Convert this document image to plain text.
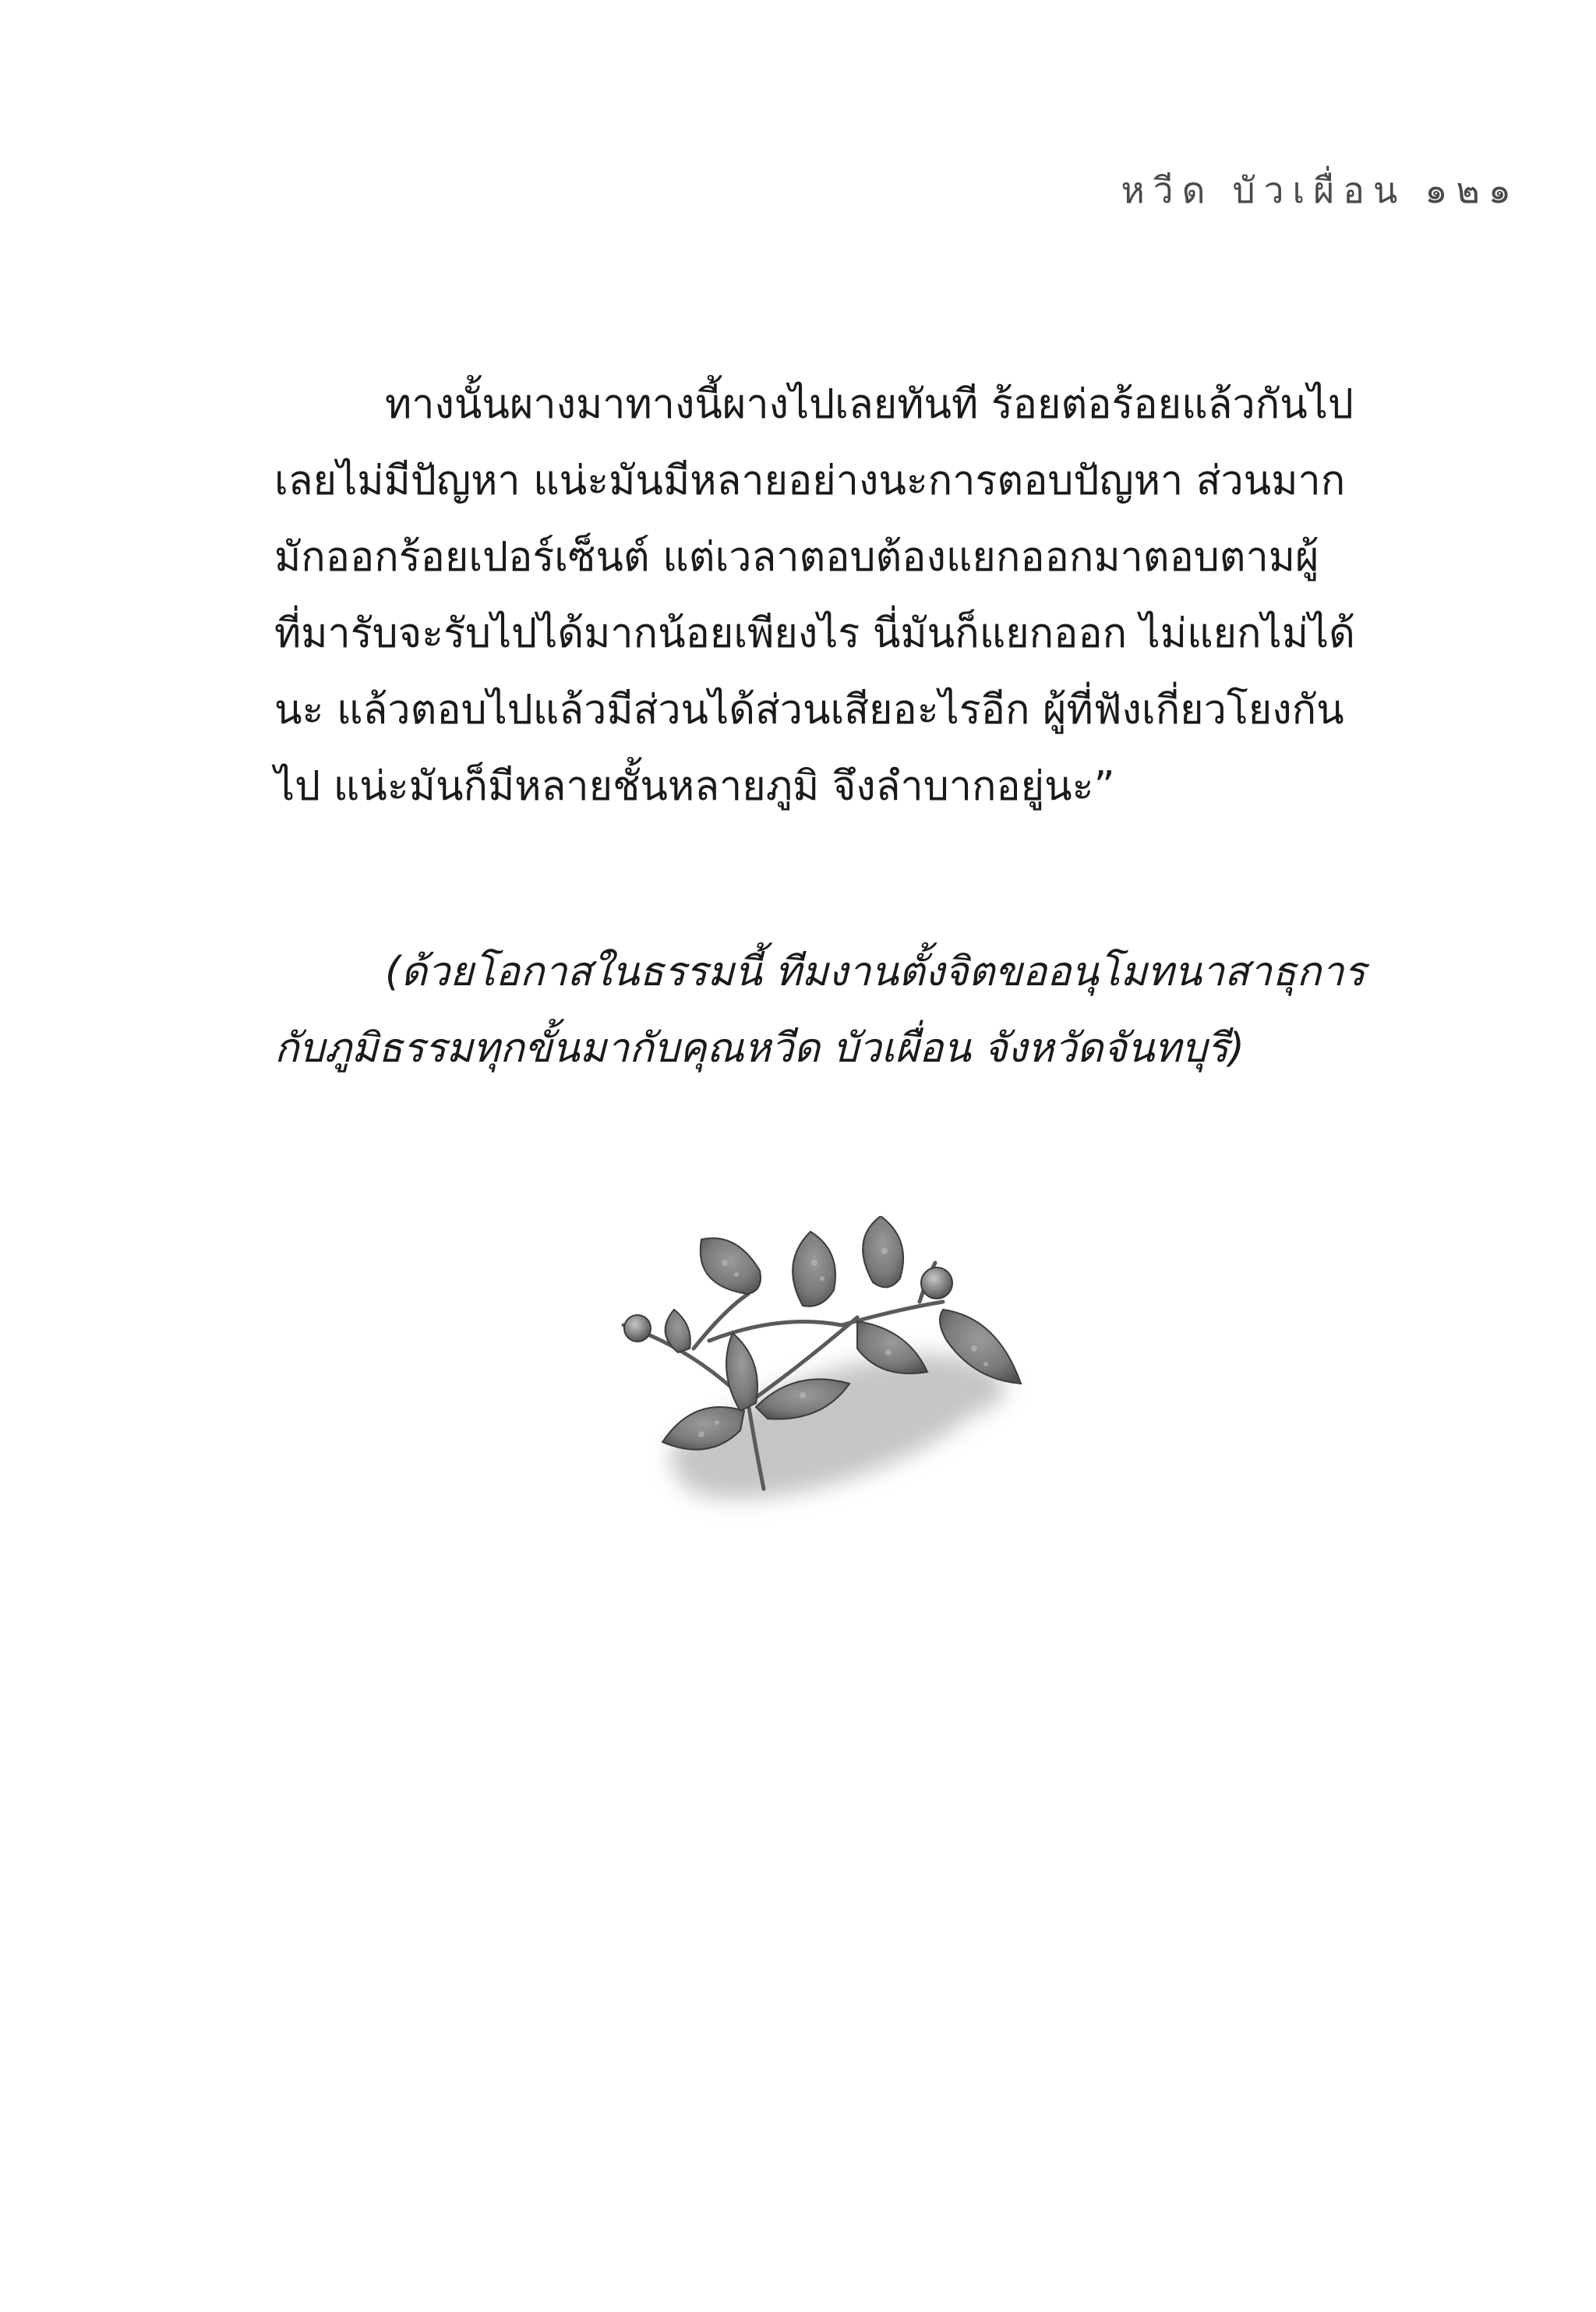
หวีด บัวเผื่อน ๑๒๑
ทางนั้นผางมาทางนี้ผางไปเลยทันที ร้อยต่อร้อยแล้วกันไป
เลยไม่มีปัญหา แน่ะมันมีหลายอย่างนะการตอบปัญหา ส่วนมาก
มักออกร้อยเปอร์เซ็นต์ แต่เวลาตอบต้องแยกออกมาตอบตามผู้
ที่มารับจะรับไปได้มากน้อยเพียงไร นี่มันก็แยกออก ไม่แยกไม่ได้
นะ แล้วตอบไปแล้วมีส่วนได้ส่วนเสียอะไรอีก ผู้ที่ฟังเกี่ยวโยงกัน
ไป แน่ะมันก็มีหลายชั้นหลายภูมิ จึงลำบากอยู่นะ”
(ด้วยโอกาสในธรรมนี้ ทีมงานตั้งจิตขออนุโมทนาสาธุการ
กับภูมิธรรมทุกขั้นมากับคุณหวีด บัวเผื่อน จังหวัดจันทบุรี)
